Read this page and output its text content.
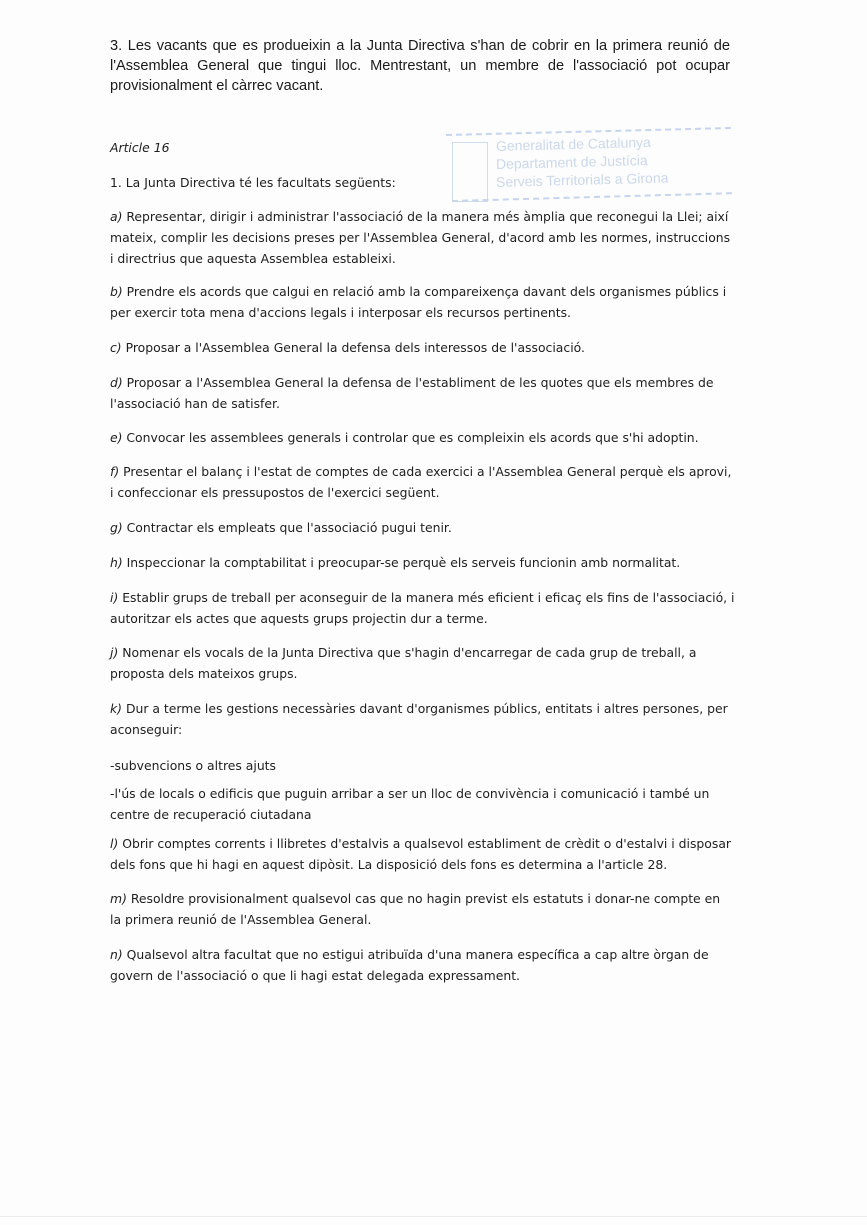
3. Les vacants que es produeixin a la Junta Directiva s'han de cobrir en la primera reunió de l'Assemblea General que tingui lloc. Mentrestant, un membre de l'associació pot ocupar provisionalment el càrrec vacant.

Generalitat de Catalunya
Departament de Justícia
Serveis Territorials a Girona

Article 16

1. La Junta Directiva té les facultats següents:

a) Representar, dirigir i administrar l'associació de la manera més àmplia que reconegui la Llei; així mateix, complir les decisions preses per l'Assemblea General, d'acord amb les normes, instruccions i directrius que aquesta Assemblea estableixi.

b) Prendre els acords que calgui en relació amb la compareixença davant dels organismes públics i per exercir tota mena d'accions legals i interposar els recursos pertinents.

c) Proposar a l'Assemblea General la defensa dels interessos de l'associació.

d) Proposar a l'Assemblea General la defensa de l'establiment de les quotes que els membres de l'associació han de satisfer.

e) Convocar les assemblees generals i controlar que es compleixin els acords que s'hi adoptin.

f) Presentar el balanç i l'estat de comptes de cada exercici a l'Assemblea General perquè els aprovi, i confeccionar els pressupostos de l'exercici següent.

g) Contractar els empleats que l'associació pugui tenir.

h) Inspeccionar la comptabilitat i preocupar-se perquè els serveis funcionin amb normalitat.

i) Establir grups de treball per aconseguir de la manera més eficient i eficaç els fins de l'associació, i autoritzar els actes que aquests grups projectin dur a terme.

j) Nomenar els vocals de la Junta Directiva que s'hagin d'encarregar de cada grup de treball, a proposta dels mateixos grups.

k) Dur a terme les gestions necessàries davant d'organismes públics, entitats i altres persones, per aconseguir:

-subvencions o altres ajuts

-l'ús de locals o edificis que puguin arribar a ser un lloc de convivència i comunicació i també un centre de recuperació ciutadana

l) Obrir comptes corrents i llibretes d'estalvis a qualsevol establiment de crèdit o d'estalvi i disposar dels fons que hi hagi en aquest dipòsit. La disposició dels fons es determina a l'article 28.

m) Resoldre provisionalment qualsevol cas que no hagin previst els estatuts i donar-ne compte en la primera reunió de l'Assemblea General.

n) Qualsevol altra facultat que no estigui atribuïda d'una manera específica a cap altre òrgan de govern de l'associació o que li hagi estat delegada expressament.
